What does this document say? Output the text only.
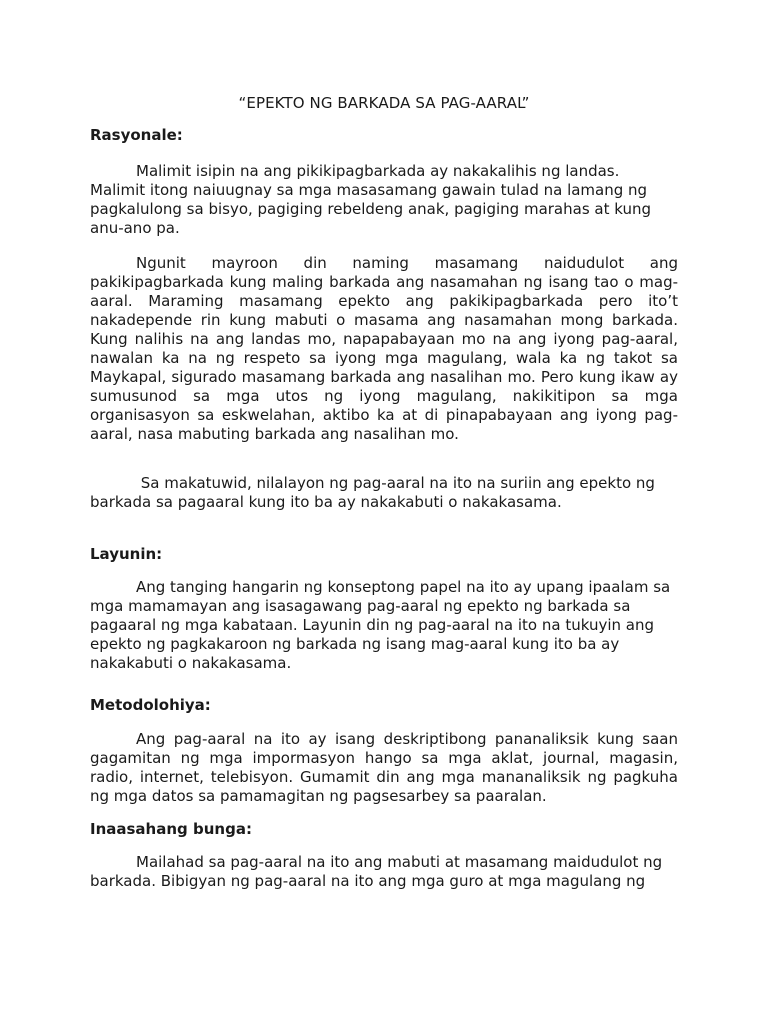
“EPEKTO NG BARKADA SA PAG-AARAL”
Rasyonale:

Malimit isipin na ang pikikipagbarkada ay nakakalihis ng landas. Malimit itong naiuugnay sa mga masasamang gawain tulad na lamang ng pagkalulong sa bisyo, pagiging rebeldeng anak, pagiging marahas at kung anu-ano pa.

Ngunit mayroon din naming masamang naidudulot ang pakikipagbarkada kung maling barkada ang nasamahan ng isang tao o mag-aaral. Maraming masamang epekto ang pakikipagbarkada pero ito’t nakadepende rin kung mabuti o masama ang nasamahan mong barkada. Kung nalihis na ang landas mo, napapabayaan mo na ang iyong pag-aaral, nawalan ka na ng respeto sa iyong mga magulang, wala ka ng takot sa Maykapal, sigurado masamang barkada ang nasalihan mo. Pero kung ikaw ay sumusunod sa mga utos ng iyong magulang, nakikitipon sa mga organisasyon sa eskwelahan, aktibo ka at di pinapabayaan ang iyong pag-aaral, nasa mabuting barkada ang nasalihan mo.

Sa makatuwid, nilalayon ng pag-aaral na ito na suriin ang epekto ng barkada sa pagaaral kung ito ba ay nakakabuti o nakakasama.

Layunin:

Ang tanging hangarin ng konseptong papel na ito ay upang ipaalam sa mga mamamayan ang isasagawang pag-aaral ng epekto ng barkada sa pagaaral ng mga kabataan. Layunin din ng pag-aaral na ito na tukuyin ang epekto ng pagkakaroon ng barkada ng isang mag-aaral kung ito ba ay nakakabuti o nakakasama.

Metodolohiya:

Ang pag-aaral na ito ay isang deskriptibong pananaliksik kung saan gagamitan ng mga impormasyon hango sa mga aklat, journal, magasin, radio, internet, telebisyon. Gumamit din ang mga mananaliksik ng pagkuha ng mga datos sa pamamagitan ng pagsesarbey sa paaralan.

Inaasahang bunga:

Mailahad sa pag-aaral na ito ang mabuti at masamang maidudulot ng barkada. Bibigyan ng pag-aaral na ito ang mga guro at mga magulang ng
